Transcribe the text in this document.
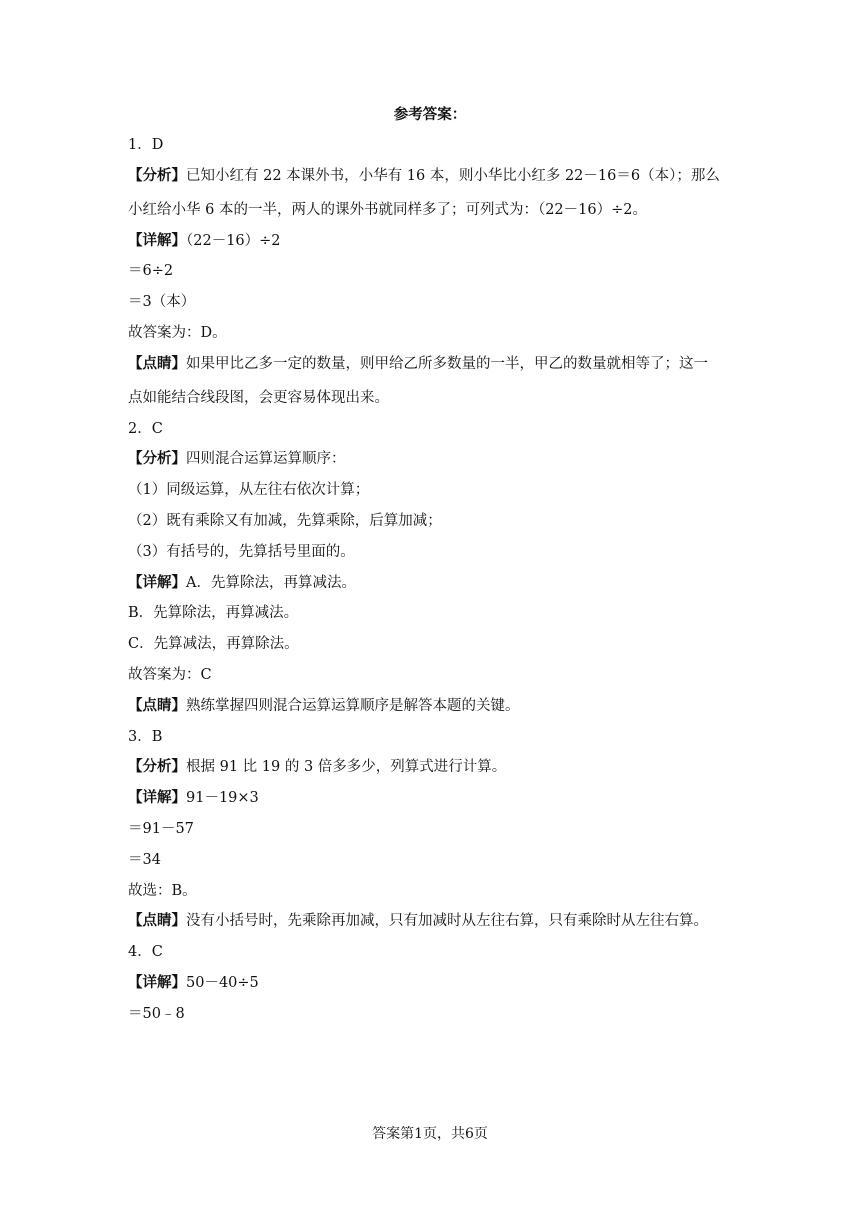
参考答案：
1．D
【分析】已知小红有 22 本课外书，小华有 16 本，则小华比小红多 22－16＝6（本）；那么
小红给小华 6 本的一半，两人的课外书就同样多了；可列式为：（22－16）÷2。
【详解】（22－16）÷2
＝6÷2
＝3（本）
故答案为：D。
【点睛】如果甲比乙多一定的数量，则甲给乙所多数量的一半，甲乙的数量就相等了；这一
点如能结合线段图，会更容易体现出来。
2．C
【分析】四则混合运算运算顺序：
（1）同级运算，从左往右依次计算；
（2）既有乘除又有加减，先算乘除，后算加减；
（3）有括号的，先算括号里面的。
【详解】A．先算除法，再算减法。
B．先算除法，再算减法。
C．先算减法，再算除法。
故答案为：C
【点睛】熟练掌握四则混合运算运算顺序是解答本题的关键。
3．B
【分析】根据 91 比 19 的 3 倍多多少，列算式进行计算。
【详解】91－19×3
＝91－57
＝34
故选：B。
【点睛】没有小括号时，先乘除再加减，只有加减时从左往右算，只有乘除时从左往右算。
4．C
【详解】50－40÷5
＝50﹣8
答案第1页，共6页
